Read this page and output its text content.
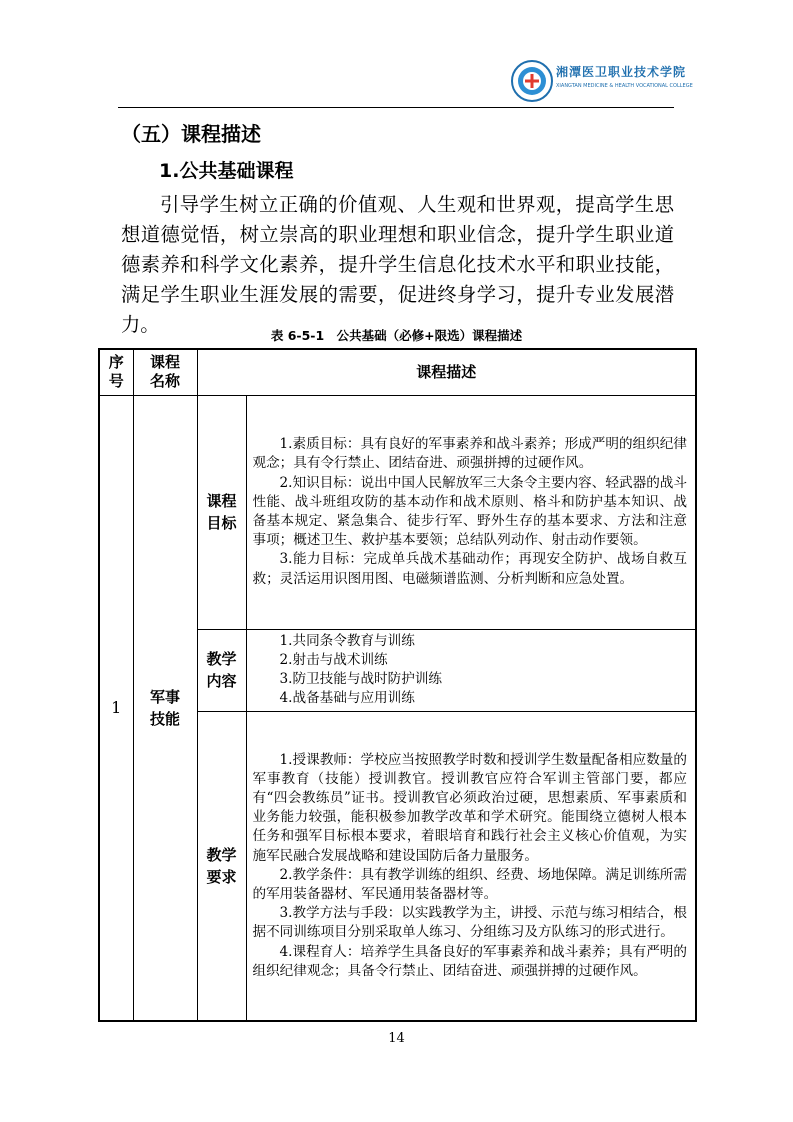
湘潭医卫职业技术学院
XIANGTAN MEDICINE & HEALTH VOCATIONAL COLLEGE
（五）课程描述
1.公共基础课程

引导学生树立正确的价值观、人生观和世界观，提高学生思想道德觉悟，树立崇高的职业理想和职业信念，提升学生职业道德素养和科学文化素养，提升学生信息化技术水平和职业技能，满足学生职业生涯发展的需要，促进终身学习，提升专业发展潜力。	表 6-5-1　公共基础（必修+限选）课程描述
序号	课程名称	课程描述	
1	军事技能	课程目标	1.素质目标：具有良好的军事素养和战斗素养；形成严明的组织纪律观念；具有令行禁止、团结奋进、顽强拼搏的过硬作风。

2.知识目标：说出中国人民解放军三大条令主要内容、轻武器的战斗性能、战斗班组攻防的基本动作和战术原则、格斗和防护基本知识、战备基本规定、紧急集合、徒步行军、野外生存的基本要求、方法和注意事项；概述卫生、救护基本要领；总结队列动作、射击动作要领。

3.能力目标：完成单兵战术基础动作；再现安全防护、战场自救互救；灵活运用识图用图、电磁频谱监测、分析判断和应急处置。

		教学内容	1.共同条令教育与训练
2.射击与战术训练
3.防卫技能与战时防护训练
4.战备基础与应用训练

		教学要求	1.授课教师：学校应当按照教学时数和授训学生数量配备相应数量的军事教育（技能）授训教官。授训教官应符合军训主管部门要，都应有“四会教练员”证书。授训教官必须政治过硬，思想素质、军事素质和业务能力较强，能积极参加教学改革和学术研究。能围绕立德树人根本任务和强军目标根本要求，着眼培育和践行社会主义核心价值观，为实施军民融合发展战略和建设国防后备力量服务。

2.教学条件：具有教学训练的组织、经费、场地保障。满足训练所需的军用装备器材、军民通用装备器材等。

3.教学方法与手段：以实践教学为主，讲授、示范与练习相结合，根据不同训练项目分别采取单人练习、分组练习及方队练习的形式进行。

4.课程育人：培养学生具备良好的军事素养和战斗素养；具有严明的组织纪律观念；具备令行禁止、团结奋进、顽强拼搏的过硬作风。

14
